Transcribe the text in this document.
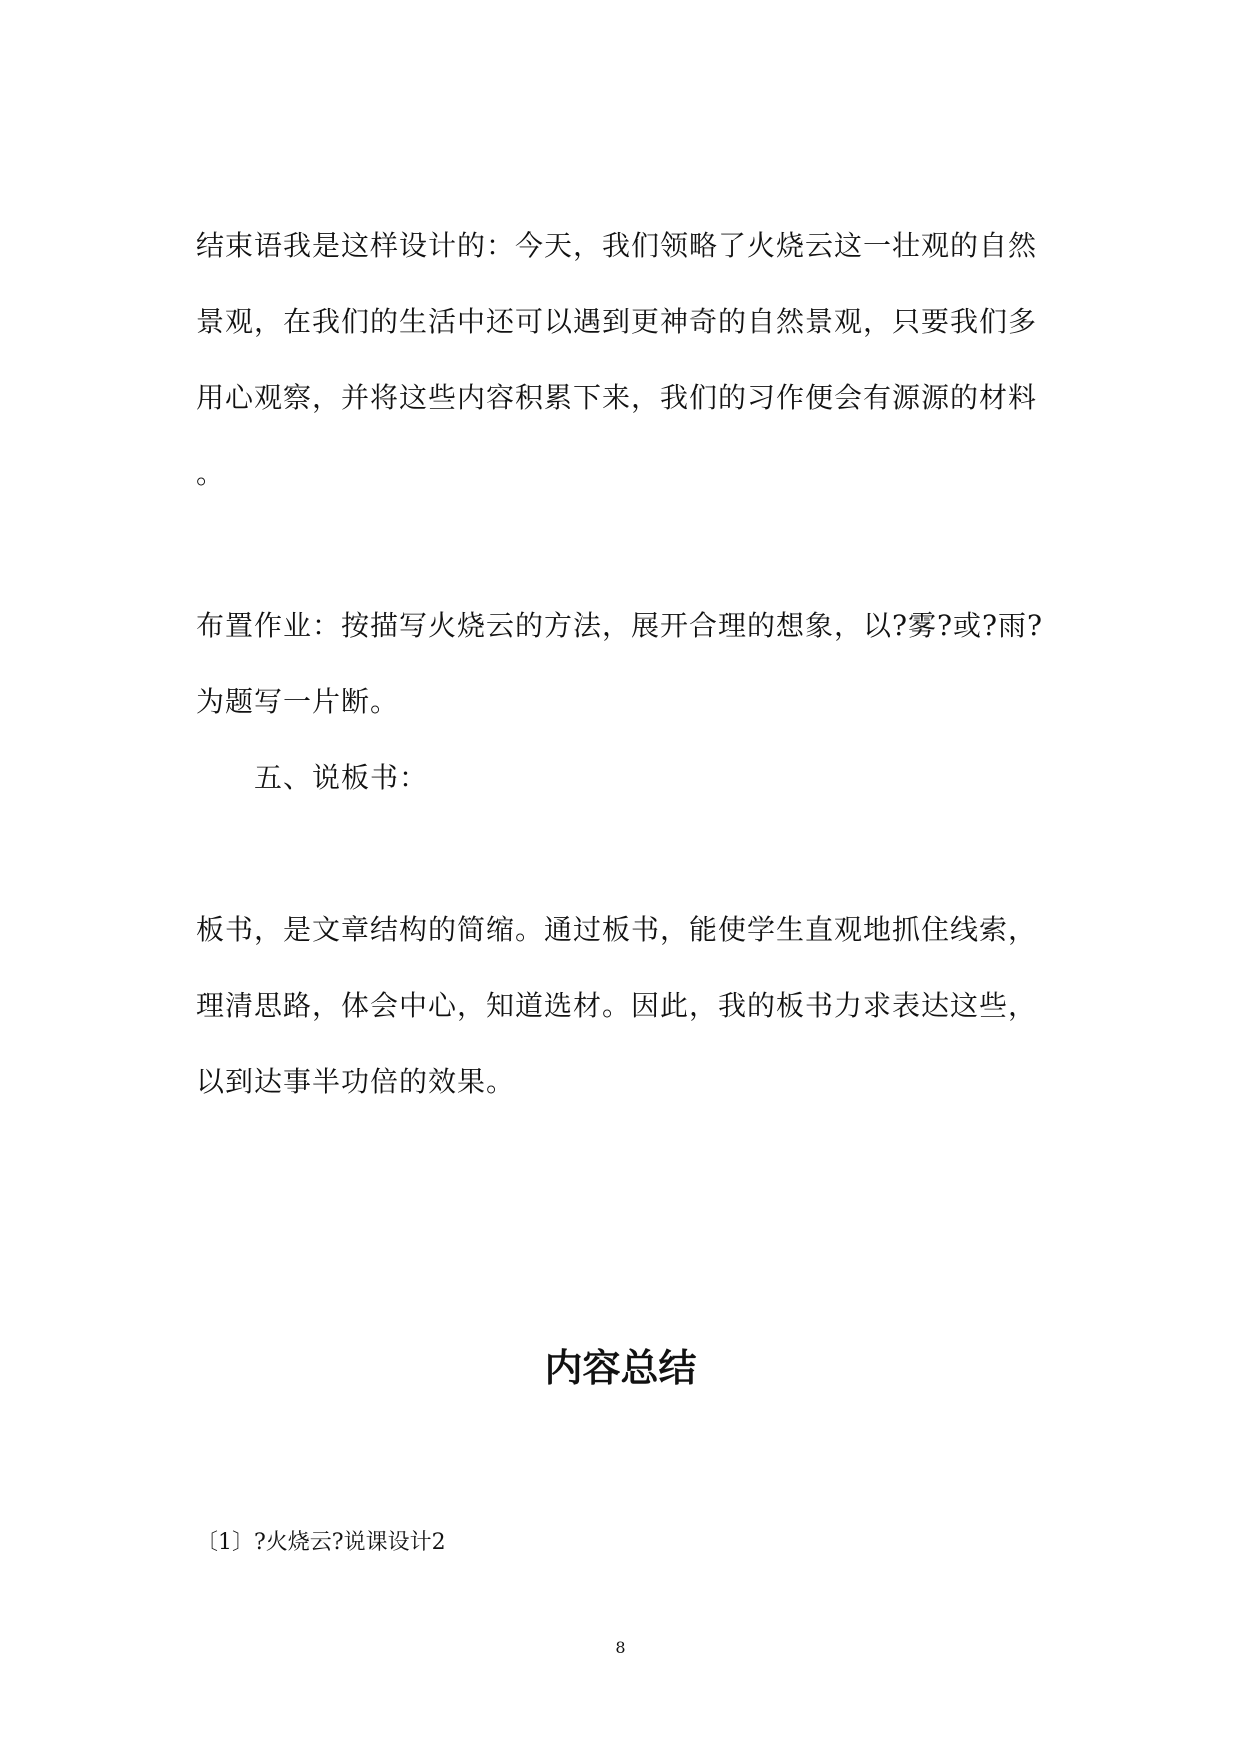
结束语我是这样设计的：今天，我们领略了火烧云这一壮观的自然
景观，在我们的生活中还可以遇到更神奇的自然景观，只要我们多
用心观察，并将这些内容积累下来，我们的习作便会有源源的材料
。
布置作业：按描写火烧云的方法，展开合理的想象，以?雾?或?雨?
为题写一片断。
五、说板书：
板书，是文章结构的简缩。通过板书，能使学生直观地抓住线索，
理清思路，体会中心，知道选材。因此，我的板书力求表达这些，
以到达事半功倍的效果。
内容总结
〔1〕?火烧云?说课设计2
8
